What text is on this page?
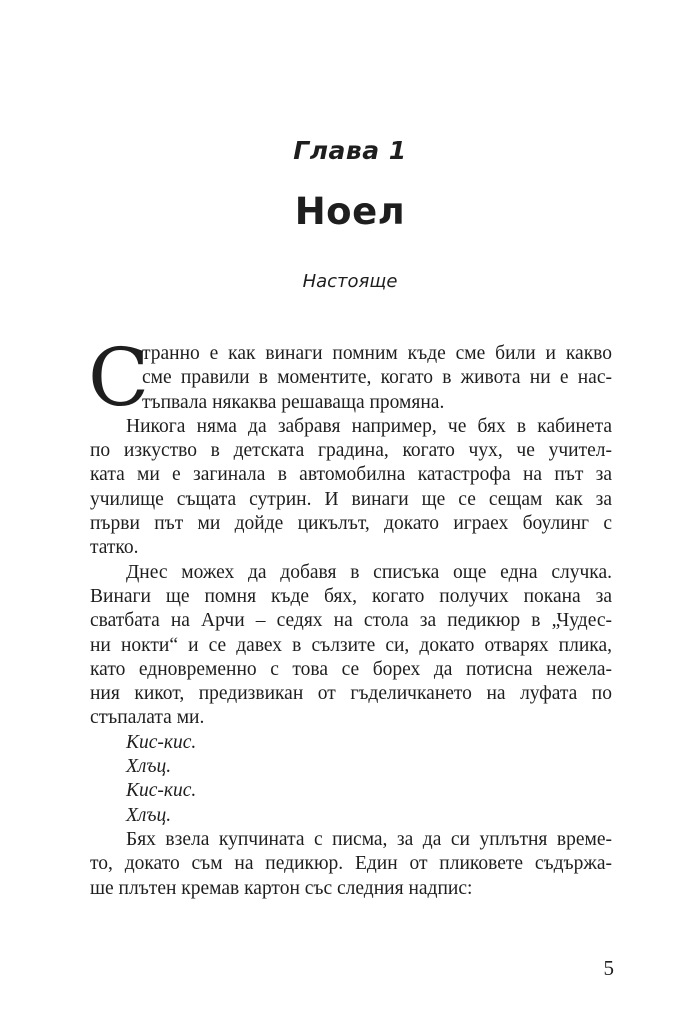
Глава 1
Ноел
Настояще
С
транно е как винаги помним къде сме били и какво
сме правили в моментите, когато в живота ни е нас-
тъпвала някаква решаваща промяна.
Никога няма да забравя например, че бях в кабинета
по изкуство в детската градина, когато чух, че учител-
ката ми е загинала в автомобилна катастрофа на път за
училище същата сутрин. И винаги ще се сещам как за
първи път ми дойде цикълът, докато играех боулинг с
татко.
Днес можех да добавя в списъка още една случка.
Винаги ще помня къде бях, когато получих покана за
сватбата на Арчи – седях на стола за педикюр в „Чудес-
ни нокти“ и се давех в сълзите си, докато отварях плика,
като едновременно с това се борех да потисна нежела-
ния кикот, предизвикан от гъделичкането на луфата по
стъпалата ми.
Кис-кис.
Хлъц.
Кис-кис.
Хлъц.
Бях взела купчината с писма, за да си уплътня време-
то, докато съм на педикюр. Един от пликовете съдържа-
ше плътен кремав картон със следния надпис:
5
